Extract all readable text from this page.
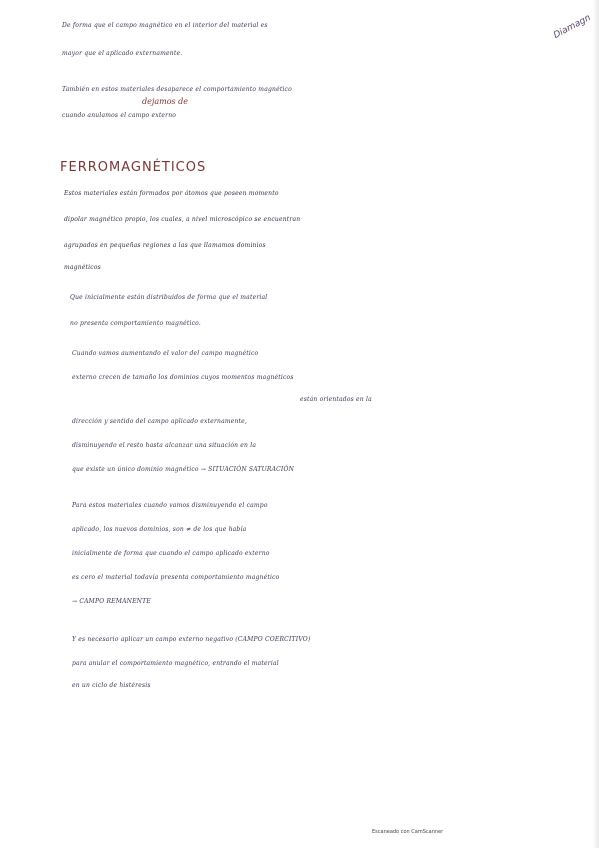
Diamagn
De forma que el campo magnético en el interior del material es
mayor que el aplicado externamente.
También en estos materiales desaparece el comportamiento magnético
dejamos de
cuando anulamos el campo externo
FERROMAGNÉTICOS
Estos materiales están formados por átomos que poseen momento
dipolar magnético propio, los cuales, a nivel microscópico se encuentran
agrupados en pequeñas regiones a las que llamamos dominios
magnéticos
Que inicialmente están distribuidos de forma que el material
no presenta comportamiento magnético.
Cuando vamos aumentando el valor del campo magnético
externo crecen de tamaño los dominios cuyos momentos magnéticos
están orientados en la
dirección y sentido del campo aplicado externamente,
disminuyendo el resto hasta alcanzar una situación en la
que existe un único dominio magnético → SITUACIÓN SATURACIÓN
Para estos materiales cuando vamos disminuyendo el campo
aplicado, los nuevos dominios, son ≠ de los que había
inicialmente de forma que cuando el campo aplicado externo
es cero el material todavía presenta comportamiento magnético
→ CAMPO REMANENTE
Y es necesario aplicar un campo externo negativo (CAMPO COERCITIVO)
para anular el comportamiento magnético, entrando el material
en un ciclo de histéresis
Escaneado con CamScanner
